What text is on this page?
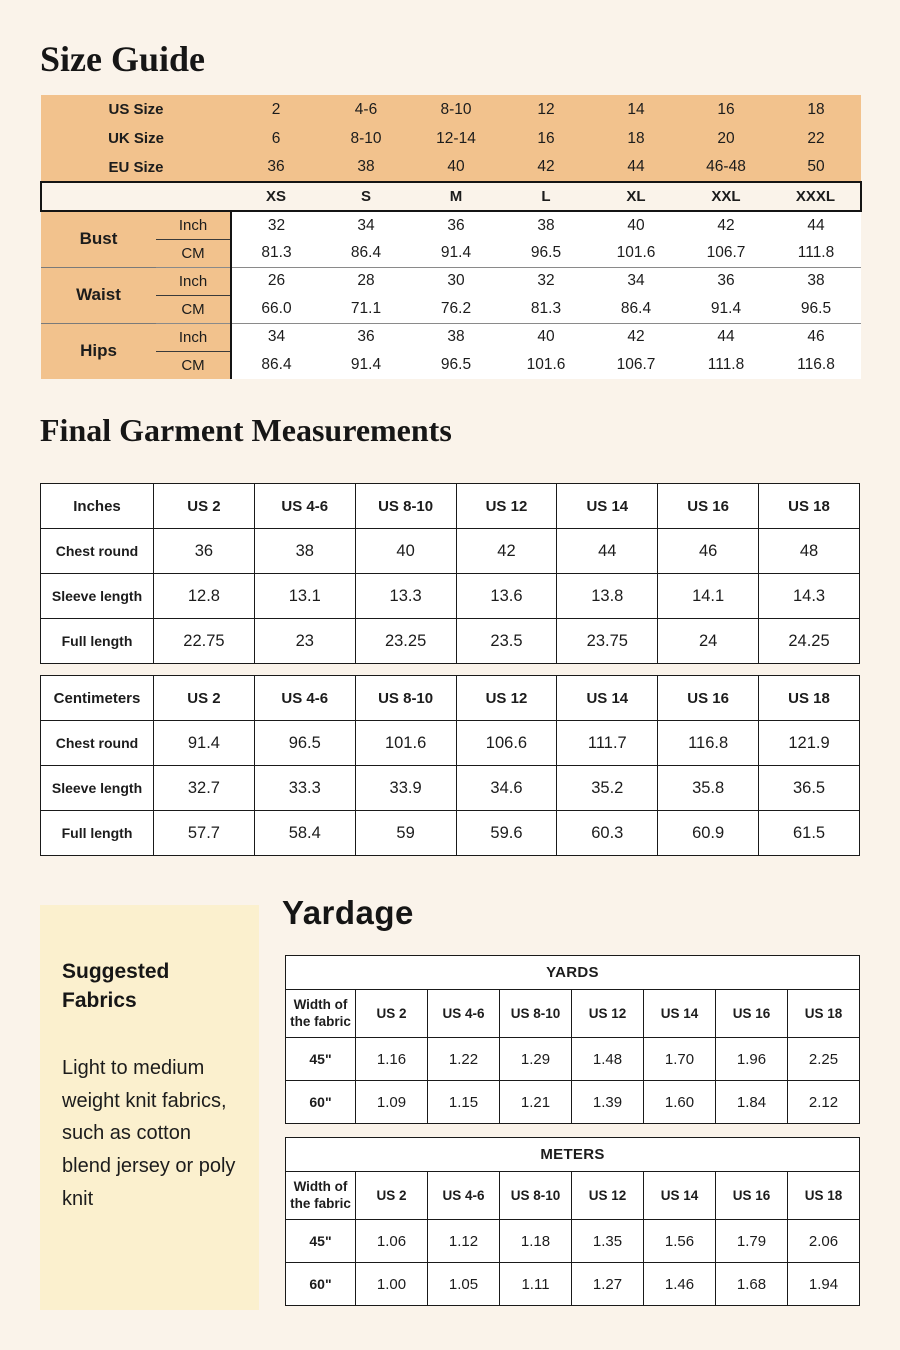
Size Guide
US Size		2	4-6	8-10	12	14	16	18
UK Size		6	8-10	12-14	16	18	20	22
EU Size		36	38	40	42	44	46-48	50
		XS	S	M	L	XL	XXL	XXXL
Bust	Inch	32	34	36	38	40	42	44
	CM	81.3	86.4	91.4	96.5	101.6	106.7	111.8
Waist	Inch	26	28	30	32	34	36	38
	CM	66.0	71.1	76.2	81.3	86.4	91.4	96.5
Hips	Inch	34	36	38	40	42	44	46
	CM	86.4	91.4	96.5	101.6	106.7	111.8	116.8
Final Garment Measurements
Inches	US 2	US 4-6	US 8-10	US 12	US 14	US 16	US 18
Chest round	36	38	40	42	44	46	48
Sleeve length	12.8	13.1	13.3	13.6	13.8	14.1	14.3
Full length	22.75	23	23.25	23.5	23.75	24	24.25
Centimeters	US 2	US 4-6	US 8-10	US 12	US 14	US 16	US 18
Chest round	91.4	96.5	101.6	106.6	111.7	116.8	121.9
Sleeve length	32.7	33.3	33.9	34.6	35.2	35.8	36.5
Full length	57.7	58.4	59	59.6	60.3	60.9	61.5
Suggested Fabrics
Light to medium weight knit fabrics, such as cotton blend jersey or poly knit
Yardage
YARDS							
Width of the fabric	US 2	US 4-6	US 8-10	US 12	US 14	US 16	US 18
45"	1.16	1.22	1.29	1.48	1.70	1.96	2.25
60"	1.09	1.15	1.21	1.39	1.60	1.84	2.12
METERS							
Width of the fabric	US 2	US 4-6	US 8-10	US 12	US 14	US 16	US 18
45"	1.06	1.12	1.18	1.35	1.56	1.79	2.06
60"	1.00	1.05	1.11	1.27	1.46	1.68	1.94
